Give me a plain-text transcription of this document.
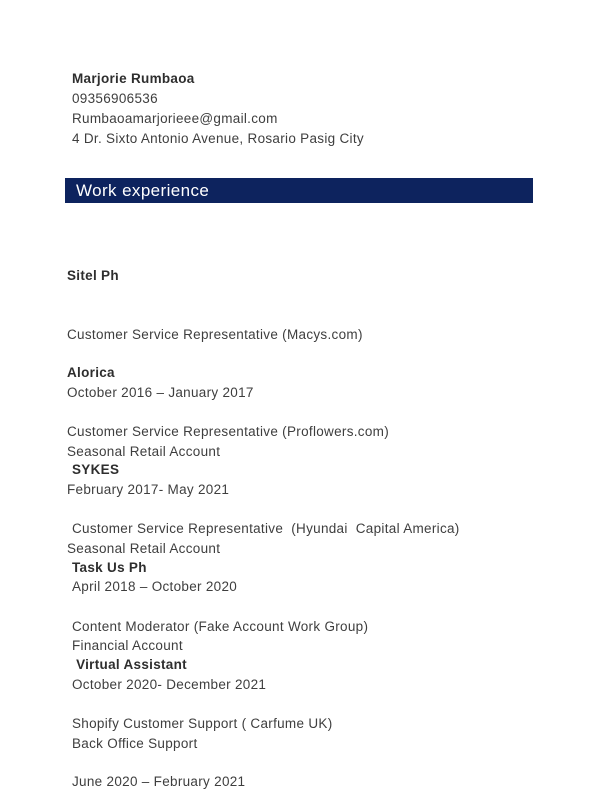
Marjorie Rumbaoa
09356906536
Rumbaoamarjorieee@gmail.com
4 Dr. Sixto Antonio Avenue, Rosario Pasig City
Work experience

Sitel Ph

Customer Service Representative (Macys.com)

October 2016 – January 2017

Seasonal Retail Account

Alorica

Customer Service Representative (Proflowers.com)

February 2017- May 2021

Seasonal Retail Account

SYKES

Customer Service Representative  (Hyundai  Capital America)

April 2018 – October 2020

Financial Account

Task Us Ph

Content Moderator (Fake Account Work Group)

October 2020- December 2021

Back Office Support

Virtual Assistant

Shopify Customer Support ( Carfume UK)

June 2020 – February 2021
